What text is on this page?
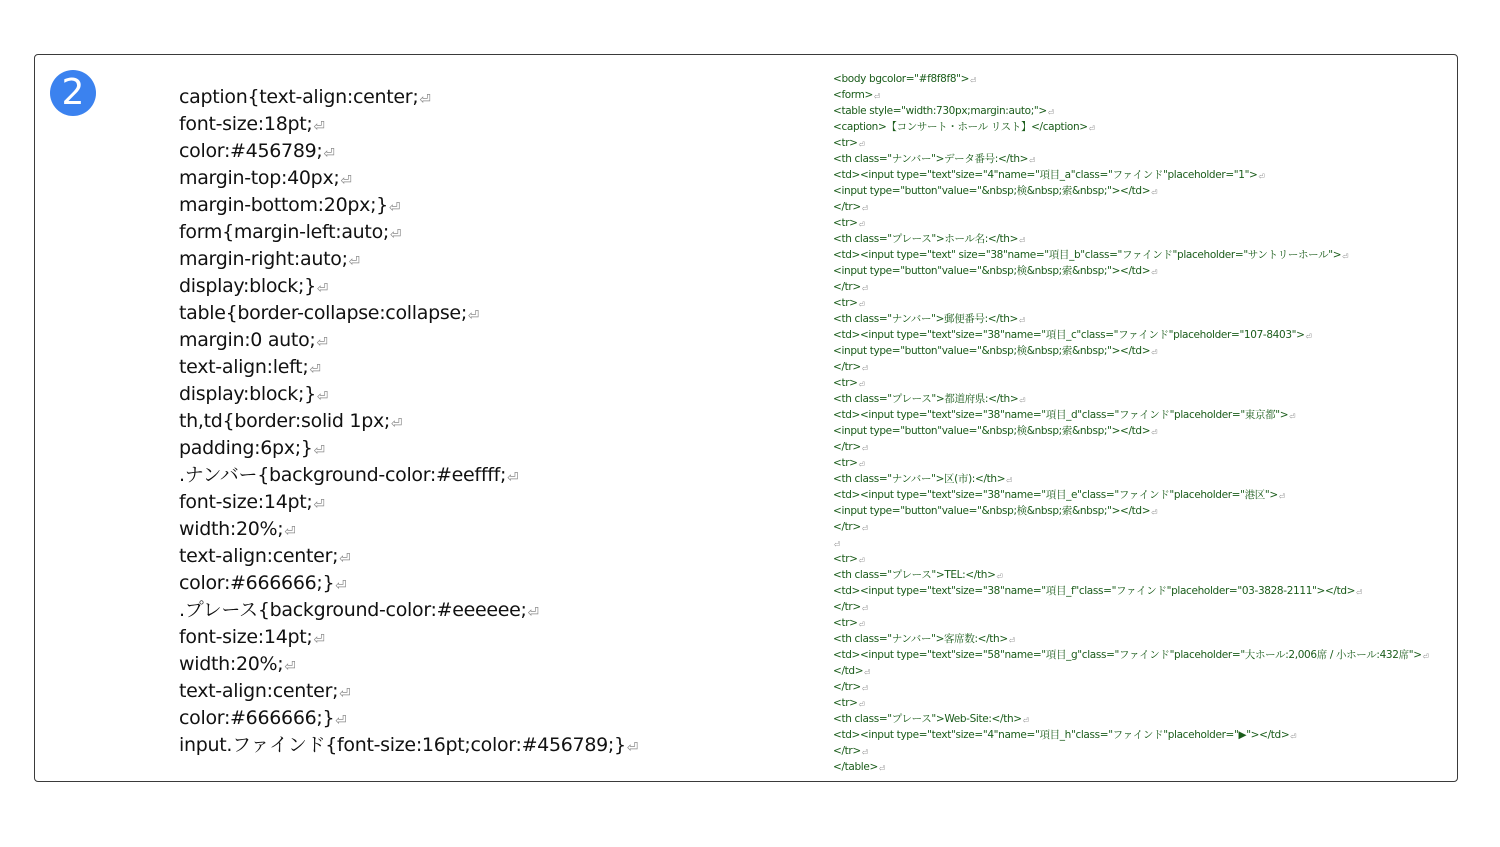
2	caption{text-align:center;⏎
font-size:18pt;⏎
color:#456789;⏎
margin-top:40px;⏎
margin-bottom:20px;}⏎
form{margin-left:auto;⏎
margin-right:auto;⏎
display:block;}⏎
table{border-collapse:collapse;⏎
margin:0 auto;⏎
text-align:left;⏎
display:block;}⏎
th,td{border:solid 1px;⏎
padding:6px;}⏎
.ナンバー{background-color:#eeffff;⏎
font-size:14pt;⏎
width:20%;⏎
text-align:center;⏎
color:#666666;}⏎
.プレース{background-color:#eeeeee;⏎
font-size:14pt;⏎
width:20%;⏎
text-align:center;⏎
color:#666666;}⏎
input.ファインド{font-size:16pt;color:#456789;}⏎
<body bgcolor="#f8f8f8">⏎
<form>⏎
<table style="width:730px;margin:auto;">⏎
<caption>【コンサート・ホール リスト】</caption>⏎
<tr>⏎
<th class="ナンバー">データ番号:</th>⏎
<td><input type="text"size="4"name="項目_a"class="ファインド"placeholder="1">⏎
<input type="button"value="&nbsp;検&nbsp;索&nbsp;"></td>⏎
</tr>⏎
<tr>⏎
<th class="プレース">ホール名:</th>⏎
<td><input type="text" size="38"name="項目_b"class="ファインド"placeholder="サントリーホール">⏎
<input type="button"value="&nbsp;検&nbsp;索&nbsp;"></td>⏎
</tr>⏎
<tr>⏎
<th class="ナンバー">郵便番号:</th>⏎
<td><input type="text"size="38"name="項目_c"class="ファインド"placeholder="107-8403">⏎
<input type="button"value="&nbsp;検&nbsp;索&nbsp;"></td>⏎
</tr>⏎
<tr>⏎
<th class="プレース">都道府県:</th>⏎
<td><input type="text"size="38"name="項目_d"class="ファインド"placeholder="東京都">⏎
<input type="button"value="&nbsp;検&nbsp;索&nbsp;"></td>⏎
</tr>⏎
<tr>⏎
<th class="ナンバー">区(市):</th>⏎
<td><input type="text"size="38"name="項目_e"class="ファインド"placeholder="港区">⏎
<input type="button"value="&nbsp;検&nbsp;索&nbsp;"></td>⏎
</tr>⏎
⏎
<tr>⏎
<th class="プレース">TEL:</th>⏎
<td><input type="text"size="38"name="項目_f"class="ファインド"placeholder="03-3828-2111"></td>⏎
</tr>⏎
<tr>⏎
<th class="ナンバー">客席数:</th>⏎
<td><input type="text"size="58"name="項目_g"class="ファインド"placeholder="大ホール:2,006席 / 小ホール:432席">⏎
</td>⏎
</tr>⏎
<tr>⏎
<th class="プレース">Web-Site:</th>⏎
<td><input type="text"size="4"name="項目_h"class="ファインド"placeholder="▶"></td>⏎
</tr>⏎
</table>⏎
